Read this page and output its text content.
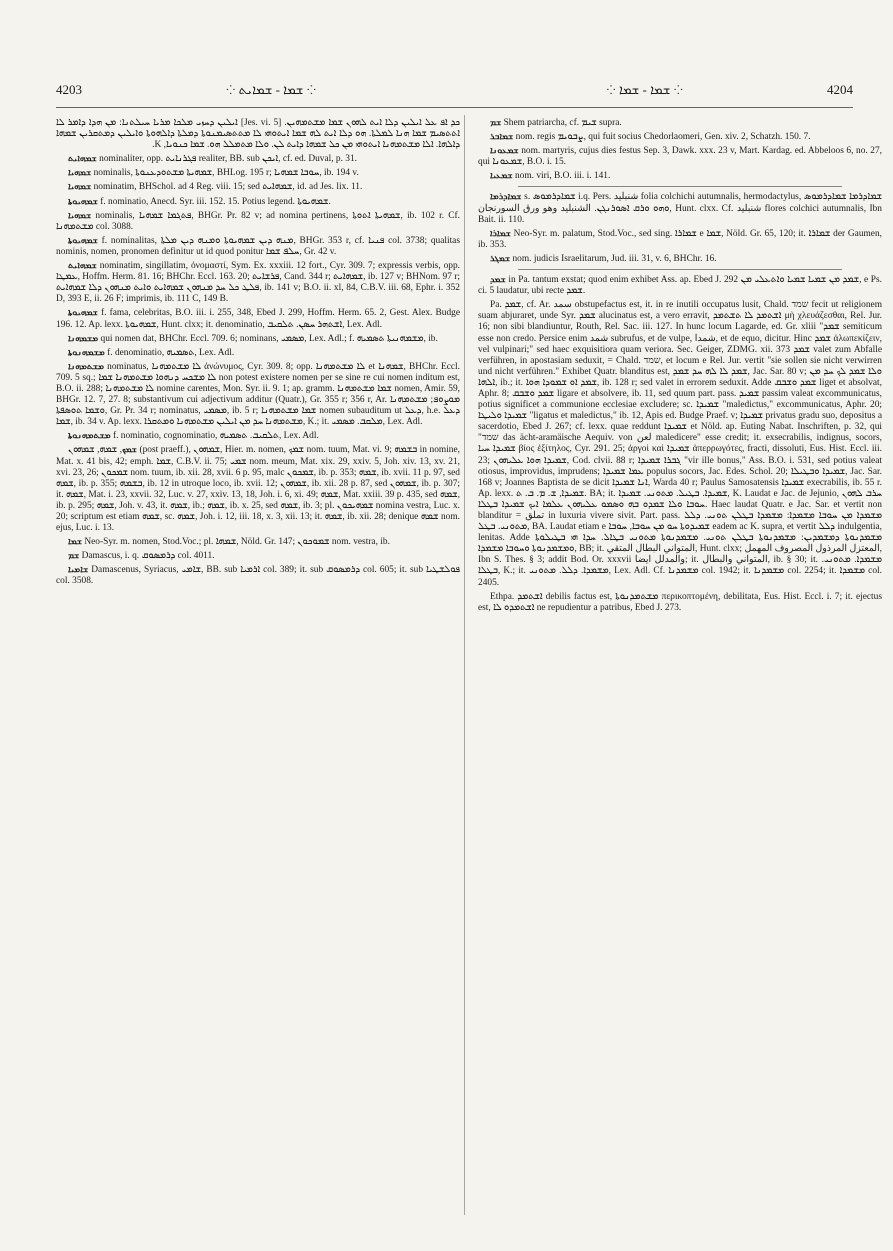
4203	⁘ ܫܡܐ - ܫܡܐܝܬ ⁘	⁘ ܫܡܐ - ܫܡܐ ⁘	4204

ܟܕ ܐܦ ܥܠ ܐܝܠܝܢ ܕܠܐ ܐܝܬ ܠܗܘܢ ܫܡܐ ܡܫܬܡܗܝܢ. [Jes. vi. 5] ܐܝܠܝܢ ܕܚܙܝ ܡܠܟܐ ܡܪܝܐ ܚܝܠܬܢܐ: ܡܢ ܗܕܐ ܕܐܡܪ ܠܐ ܐܬܬܣܝܡ ܫܡܐ ܗܢܐ ܠܡܠܬܐ. ܗܘ ܕܠܐ ܐܝܬ ܠܗ ܫܡܐ ܐܝܬܘܗܝ ܠܐ ܡܬܬܣܝܡܢܘܬܐ ܕܡܠܬܐ ܕܐܠܗܘܬܐ ܘܐܝܠܝܢ ܕܡܬܩܪܝܢ ܫܡܗܐ ܕܐܠܗܐ. ܐܠܐ ܡܫܬܡܗܢܐ ܐܝܬܘܗܝ ܡܢ ܟܠ ܫܡܗܐ ܕܐܝܬ ܠܢ. ܘܠܐ ܡܬܡܠܠ ܗܘ. ܫܡܐ ܟܢܘܝܐ, K.

ܫܡܗܐܝܬ nominaliter, opp. ܦܓܪܢܐܝܬ realiter, BB. sub ܐܝܟܢ, cf. ed. Duval, p. 31.

ܫܡܗܝܐ nominalis, ܫܡܗܝܬܐ ܡܫܬܘܕܥܢܘܬܐ, BHLog. 195 r; ܚܘܒܐ ܫܡܗܝܐ, ib. 194 v.

ܫܡܗܝܐ nominatim, BHSchol. ad 4 Reg. viii. 15; sed ܫܡܗܐܝܬ, id. ad Jes. lix. 11.

ܫܡܗܝܘܬܐ f. nominatio, Anecd. Syr. iii. 152. 15. Potius legend. ܫܡܗܝܘܬܐ.

ܫܡܗܝܐ nominalis, ܦܬܓܡܐ ܫܡܗܝܐ, BHGr. Pr. 82 v; ad nomina pertinens, ܫܡܗܝܬܐ ܐܬܘܬܐ, ib. 102 r. Cf. ܡܫܬܡܗܢܐ col. 3088.

ܫܡܗܝܘܬܐ f. nominalitas, ܡܢܗ ܕܝܢ ܫܡܗܝܘܬܐ ܘܡܢܗ ܕܝܢ ܡܠܬܐ, BHGr. 353 r, cf. ܦܢܝܐ col. 3738; qualitas nominis, nomen, pronomen definitur ut id quod ponitur ܚܠܦ ܫܡܐ, Gr. 42 v.

ܫܡܗܐܝܬ nominatim, singillatim, ὀνομαστί, Sym. Ex. xxxiii. 12 fort., Cyr. 309. 7; expressis verbis, opp. ܥܡܛܐ, Hoffm. Herm. 81. 16; BHChr. Eccl. 163. 20; ܦܪܫܐܝܬ, Cand. 344 r; ܫܡܗܐܝܬ, ib. 127 v; BHNom. 97 r; ܦܠܛ ܟܠ ܚܕ ܡܢܗܘܢ ܫܡܗܐܝܬ ܘܐܝܬ ܡܢܗܘܢ ܕܠܐ ܫܡܗܐܝܬ, ib. 141 v; B.O. ii. xl, 84, C.B.V. iii. 68, Ephr. i. 352 D, 393 E, ii. 26 F; imprimis, ib. 111 C, 149 B.

ܫܡܗܝܘܬܐ f. fama, celebritas, B.O. iii. i. 255, 348, Ebed J. 299, Hoffm. Herm. 65. 2, Gest. Alex. Budge 196. 12. Ap. lexx. ܫܡܗܝܘܬܐ, Hunt. clxx; it. denominatio, ܐܫܬܗܪ ܚܣܢ. ܬܠܩܝܒ, Lex. Adl.

ܡܫܡܗܢܐ qui nomen dat, BHChr. Eccl. 709. 6; nominans, ܡܣܡܝ, Lex. Adl.; f. ܡܫܡܗܢܝܬܐ ܬܣܡܝܗ, ib.

ܡܫܡܗܢܘܬܐ f. denominatio, ܬܣܡܝܗ, Lex. Adl.

ܡܫܬܡܗܢܐ nominatus, ܠܐ ܡܫܬܡܗܢܐ ἀνώνυμος, Cyr. 309. 8; opp. ܠܐ ܡܫܬܡܗܢܐ et ܫܡܗܢܐ, BHChr. Eccl. 709. 5 sq.; ܠܐ ܡܫܟܚ ܕܢܗܘܐ ܡܫܬܡܗܢܐ ܫܡܐ non potest existere nomen per se sine re cui nomen inditum est, B.O. ii. 288; ܠܐ ܡܫܬܡܗܢܐ nomine carentes, Mon. Syr. ii. 9. 1; ap. gramm. ܫܡܐ ܡܫܬܡܗܢܐ nomen, Amir. 59, BHGr. 12. 7, 27. 8; substantivum cui adjectivum additur (Quatr.), Gr. 355 r; 356 r, Ar. ܡܘܨܘܦ; ܡܫܬܡܗܢܐ ܘܫܡܐ ܬܘܣܦܬܐ, Gr. Pr. 34 r; nominatus, ܡܣܡܝ, ib. 5 r; ܫܡܐ ܡܫܬܡܗܢܐ nomen subauditum ut ܕܥܠ, h.e. ܕܥܠ ܫܡܐ, ib. 34 v. Ap. lexx. ܡܫܬܡܗܢܐ ܚܕ ܡܢ ܐܝܠܝܢ ܡܫܬܡܗܢܐ ܘܡܬܩܪܐ, K.; it. ܡܠܩܒ. ܡܣܡܝ, Lex. Adl.

ܡܫܬܡܗܢܘܬܐ f. nominatio, cognominatio, ܬܠܩܝܒ. ܬܣܡܝܗ, Lex. Adl.

ܫܡܟ, ܫܡܗ, ܫܡܗܘܢ (post praeff.), ܫܡܗܘܢ, Hier. m. nomen, ܫܡܟ nom. tuum, Mat. vi. 9; ܒܫܡܗ in nomine, Mat. x. 41 bis, 42; emph. ܫܡܐ, C.B.V. ii. 75; ܫܡܝ nom. meum, Mat. xix. 29, xxiv. 5, Joh. xiv. 13, xv. 21, xvi. 23, 26; ܫܡܟܘܢ nom. tuum, ib. xii. 28, xvii. 6 p. 95, malc ܫܡܟܘܢ, ib. p. 353; ܫܡܗ, ib. xvii. 11 p. 97, sed ܫܡܗ, ib. p. 355; ܒܫܡܗ, ib. 12 in utroque loco, ib. xvii. 12; ܫܡܗܘܢ, ib. xii. 28 p. 87, sed ܫܡܗܘܢ, ib. p. 307; it. ܫܡܗ, Mat. i. 23, xxvii. 32, Luc. v. 27, xxiv. 13, 18, Joh. i. 6, xi. 49; ܫܡܗ, Mat. xxiii. 39 p. 435, sed ܫܡܗ, ib. p. 295; ܫܡܗ, Joh. v. 43, it. ܫܡܗ, ib.; ܫܡܗ, ib. x. 25, sed ܫܡܗ, ib. 3; pl. ܫܡܗܝܟܘܢ nomina vestra, Luc. x. 20; scriptum est etiam ܫܡܗ, sc. ܫܡܗ, Joh. i. 12, iii. 18, x. 3, xii. 13; it. ܫܡܗ, ib. xii. 28; denique ܫܡܗ nom. ejus, Luc. i. 13.

ܫܡܐ Neo-Syr. m. nomen, Stod.Voc.; pl. ܫܡܗܐ, Nöld. Gr. 147; ܫܡܘܟܘܢ nom. vestra, ib.

ܫܡ Damascus, i. q. ܕܪܡܣܘܩ col. 4011.

ܫܐܡܝܐ Damascenus, Syriacus, ܫܐܡܝ, BB. sub ܐܪܡܝܐ col. 389; it. sub ܕܪܡܣܘܩ col. 605; it. sub ܦܘܠܫܛܝܐ col. 3508.

ܫܡ Shem patriarcha, cf. ܫܝܡ supra.

ܫܡܐܒܪ nom. regis ܨܒܘܝܡ, qui fuit socius Chedorlaomeri, Gen. xiv. 2, Schatzh. 150. 7.

ܫܡܥܘܢܐ nom. martyris, cujus dies festus Sep. 3, Dawk. xxx. 23 v, Mart. Kardag. ed. Abbeloos 6, no. 27, qui ܫܡܥܘܢܐ, B.O. i. 15.

ܫܡܥܝܐ nom. viri, B.O. iii. i. 141.

ܫܡܐܕܪܡܐ s. ܫܡܐܕܪܡܘܣ i.q. Pers. شنبليد folia colchichi autumnalis, hermodactylus, ܫܡܐܕܪܡܐ ܫܡܐܕܪܡܘܣ ܘܗܘ ܘܪܩ ܐܣܘܪܢܓܢ. الشنبليد وهو ورق السورنجان, Hunt. clxx. Cf. شنبليد flores colchici autumnalis, Ibn Bait. ii. 110.

ܫܡܐܪܐ Neo-Syr. m. palatum, Stod.Voc., sed sing. ܫܡܐܪܐ e ܫܡܐ, Nöld. Gr. 65, 120; it. ܫܡܐܪܐ der Gaumen, ib. 353.

ܫܡܓܪ nom. judicis Israelitarum, Jud. iii. 31, v. 6, BHChr. 16.

ܫܡܕ in Pa. tantum exstat; quod enim exhibet Ass. ap. Ebed J. 292 ܫܡܕ ܡܢ ܫܡܝܐ ܫܡܝܐ ܘܐܬܥܠܝ ܡܢ, e Ps. ci. 5 laudatur, ubi recte ܫܡܕ.

Pa. ܫܡܕ, cf. Ar. سمد obstupefactus est, it. in re inutili occupatus lusit, Chald. שמד fecit ut religionem suam abjuraret, unde Syr. ܫܡܕ alucinatus est, a vero erravit, ܐܫܬܡܕ ܠܐ ܬܫܬܡܕ μὴ χλευάζεσθαι, Rel. Jur. 16; non sibi blandiuntur, Routh, Rel. Sac. iii. 127. In hunc locum Lagarde, ed. Gr. xliii "ܫܡܕ semiticum esse non credo. Persice enim شمد subrufus, et de vulpe, شمدا, et de equo, dicitur. Hinc ܫܡܕ ἀλωπεκίζειν, vel vulpinari;" sed haec exquisitiora quam veriora. Sec. Geiger, ZDMG. xii. 373 ܫܡܕ valet zum Abfalle verführen, in apostasiam seduxit, = Chald. שמד, et locum e Rel. Jur. vertit "sie sollen sie nicht verwirren und nicht verführen." Exhibet Quatr. blanditus est, ܫܡܕ ܠܐ ܠܗ ܚܕ ܫܡܕ, Jac. Sar. 80 v; ܘܠܐ ܫܡܕ ܠܟ ܚܕ ܡܢ ܐܠܗܐ, ib.; it. ܫܡܕ ܐܘ ܫܡܘܕܐ ܗܘܐ, ib. 128 r; sed valet in errorem seduxit. Adde ܫܡܕ ܘܫܒܩ liget et absolvat, Aphr. 8; ܫܡܕ ܘܫܒܩ ligare et absolvere, ib. 11, sed quum part. pass. ܫܡܝܕ passim valeat excommunicatus, potius significet a communione ecclesiae excludere; sc. ܫܡܝܕܐ "maledictus," excommunicatus, Aphr. 20; ܫܡܝܕܐ ܘܠܝܛܐ "ligatus et maledictus," ib. 12, Apis ed. Budge Praef. v; ܫܡܝܕܐ privatus gradu suo, depositus a sacerdotio, Ebed J. 267; cf. lexx. quae reddunt ܫܡܝܕܐ et Nöld. ap. Euting Nabat. Inschriften, p. 32, qui "שמד das ächt-aramäische Aequiv. von لعن maledicere" esse credit; it. exsecrabilis, indignus, socors, ܫܡܝܕܐ ܚܝܐ βίος ἐξίτηλος, Cyr. 291. 25; ἀργοὶ καὶ ܫܡܝܕܐ ἀπερρωγότες, fracti, dissoluti, Eus. Hist. Eccl. iii. 23; ܫܡܝܕܐ ܗܘܐ ܥܠܝܗܘܢ, Cod. clvii. 88 r; ܓܒܪܐ ܫܡܝܕܐ "vir ille bonus," Ass. B.O. i. 531, sed potius valeat otiosus, improvidus, imprudens; ܥܡܐ ܫܡܝܕܐ populus socors, Jac. Edes. Schol. 20; ܫܡܝܕܐ ܘܒܛܝܠܐ, Jac. Sar. 168 v; Joannes Baptista de se dicit ܐܢܐ ܫܡܝܕܐ, Warda 40 r; Paulus Samosatensis ܫܡܝܕܐ execrabilis, ib. 55 r. Ap. lexx. ܫܡܝܕܐ, ܫ. ܡ. ܒ. ܬ. BA; it. ܫܡܝܕܐ. ܒܛܝܠ. ܡܬܘܢܝ. ܫܡܝܕܐ, K. Laudat e Jac. de Jejunio, ܚܪܒ ܠܗܘܢ ܚܘܒܐ ܘܠܐ ܫܡܕܘ ܒܗ ܘܣܡܘ ܥܠܝܗܘܢ ܥܠܡܐ ܐܝܟ ܫܡܝܕܐ ܒܛܠܐ. Haec laudat Quatr. e Jac. Sar. et vertit non blanditur = تملق in luxuria vivere sivit. Part. pass. ܡܫܡܕܐ ܡܢ ܚܘܒܐ ܡܫܡܕܐ: ܡܫܡܕܐ ܒܛܠܢ ܬܘܢܝ. ܕܠܠ ܡܬܘܢܝ. ܒܛܠ, BA. Laudat etiam e ܫܡܝܕܘܬܐ ܚܘ ܡܢ ܚܘܒܐ, ܚܘܒܐ eadem ac K. supra, et vertit ܕܠܠ indulgentia, lenitas. Adde ܡܫܡܕܢܘܬܐ ܕܡܫܡܕܝܢ: ܡܫܡܕܢܘܬܐ ܒܛܠܢ ܬܘܢܝ. ܡܫܡܕܢܘܬܐ ܡܬܘܢܝ ܒܛܐܠ. ܚܕܐ ܗܝ ܒܛܝܠܘܬܐ ܘܡܫܡܕܢܘܬܐ ܘܚܘܒܐ ܡܫܡܕܐ, BB; it. المتواني البطال المتقي, Hunt. clxx; المعتزل المرذول المصروف المهمل, Ibn S. Thes. § 3; addit Bod. Or. xxxvii والمدلل ايضا; it. المتواني والبطال, ib. § 30; it. ܡܫܡܕܐ. ܡܬܘܢܝ. ܒܛܠܐ, K.; it. ܡܫܡܕܐ. ܕܠܠ. ܡܬܘܢܝ, Lex. Adl. Cf. ܡܫܡܕܢܐ col. 1942; it. ܡܫܡܕܢܐ col. 2254; it. ܡܫܡܕܐ col. 2405.

Ethpa. ܐܫܬܡܕ debilis factus est, ܡܫܬܡܕܢܘܬܐ περικοπτομένη, debilitata, Eus. Hist. Eccl. i. 7; it. ejectus est, ܐܫܬܡܕܘ ܠܐ ne repudientur a patribus, Ebed J. 273.
